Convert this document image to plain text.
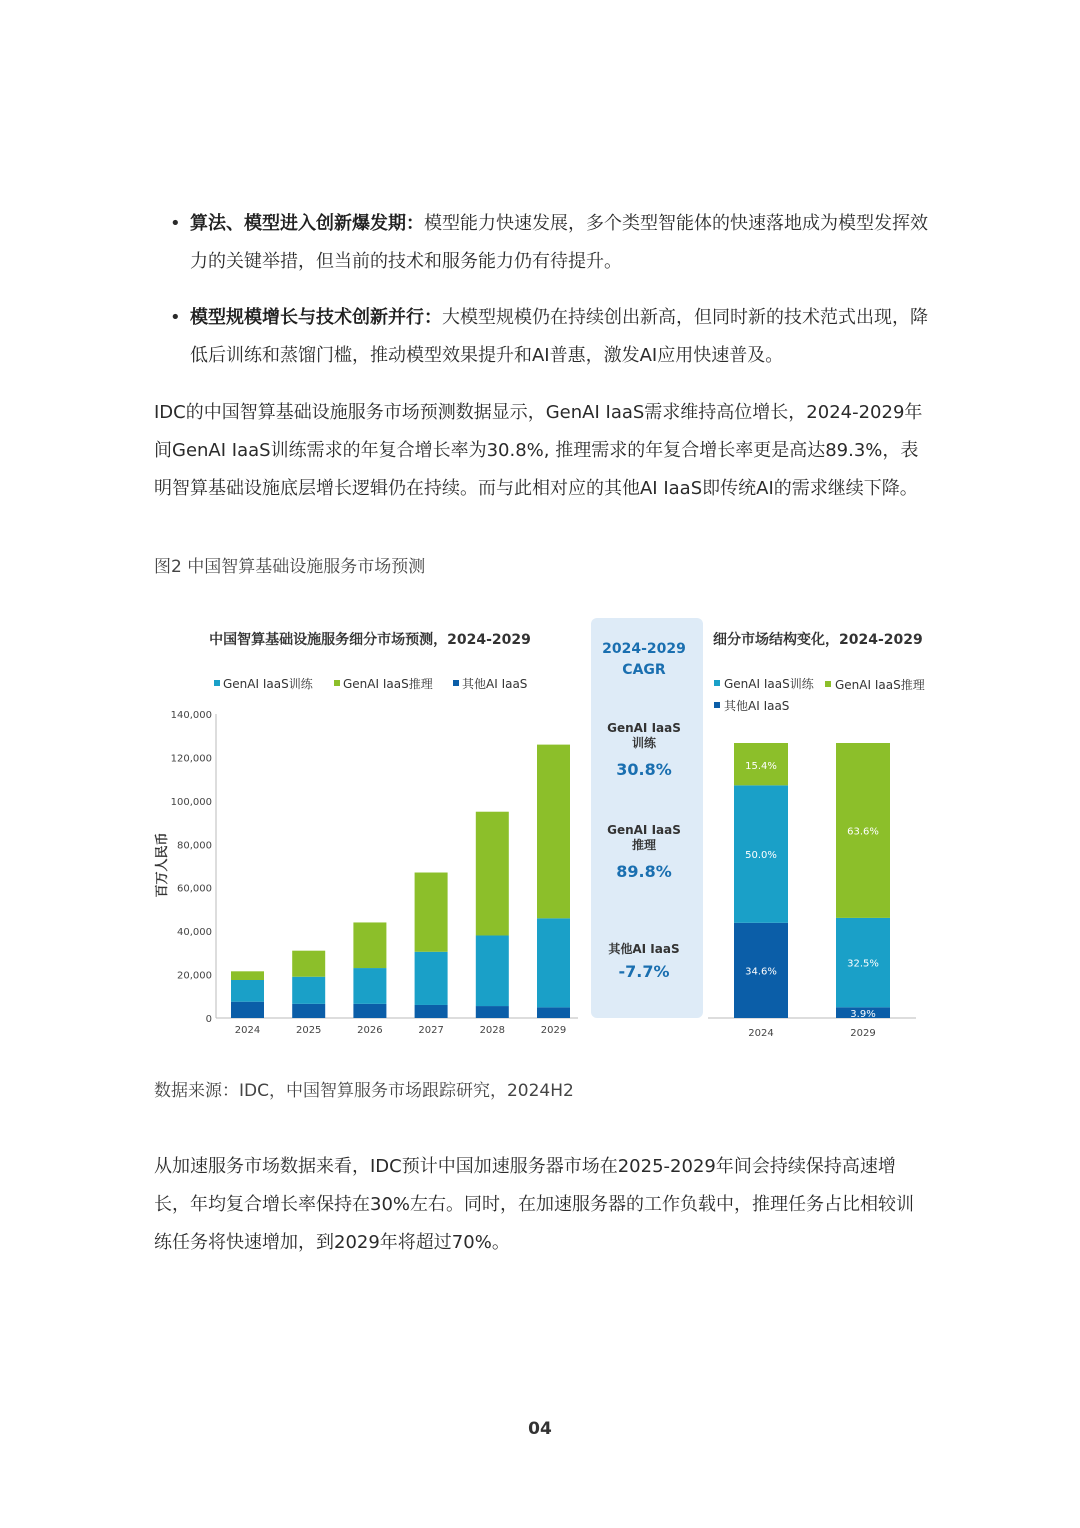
• 算法、模型进入创新爆发期：模型能力快速发展，多个类型智能体的快速落地成为模型发挥效力的关键举措，但当前的技术和服务能力仍有待提升。
• 模型规模增长与技术创新并行：大模型规模仍在持续创出新高，但同时新的技术范式出现，降低后训练和蒸馏门槛，推动模型效果提升和AI普惠，激发AI应用快速普及。
IDC的中国智算基础设施服务市场预测数据显示，GenAI IaaS需求维持高位增长，2024-2029年间GenAI IaaS训练需求的年复合增长率为30.8%, 推理需求的年复合增长率更是高达89.3%，表明智算基础设施底层增长逻辑仍在持续。而与此相对应的其他AI IaaS即传统AI的需求继续下降。
图2 中国智算基础设施服务市场预测
中国智算基础设施服务细分市场预测，2024-2029
GenAI IaaS训练	GenAI IaaS推理 其他AI IaaS
0
20,000
40,000
60,000
80,000
100,000
120,000
140,000
百万人民币
2024	2025	2026	2027	2028	2029
2024-2029
CAGR
GenAI IaaS
训练
30.8%
GenAI IaaS
推理
89.8%
其他AI IaaS
-7.7%
细分市场结构变化，2024-2029
GenAI IaaS训练 GenAI IaaS推理
其他AI IaaS
34.6%
50.0%
15.4%
2024
3.9%
32.5%
63.6%
2029
数据来源：IDC，中国智算服务市场跟踪研究，2024H2
从加速服务市场数据来看，IDC预计中国加速服务器市场在2025-2029年间会持续保持高速增长，年均复合增长率保持在30%左右。同时，在加速服务器的工作负载中，推理任务占比相较训练任务将快速增加，到2029年将超过70%。
04
